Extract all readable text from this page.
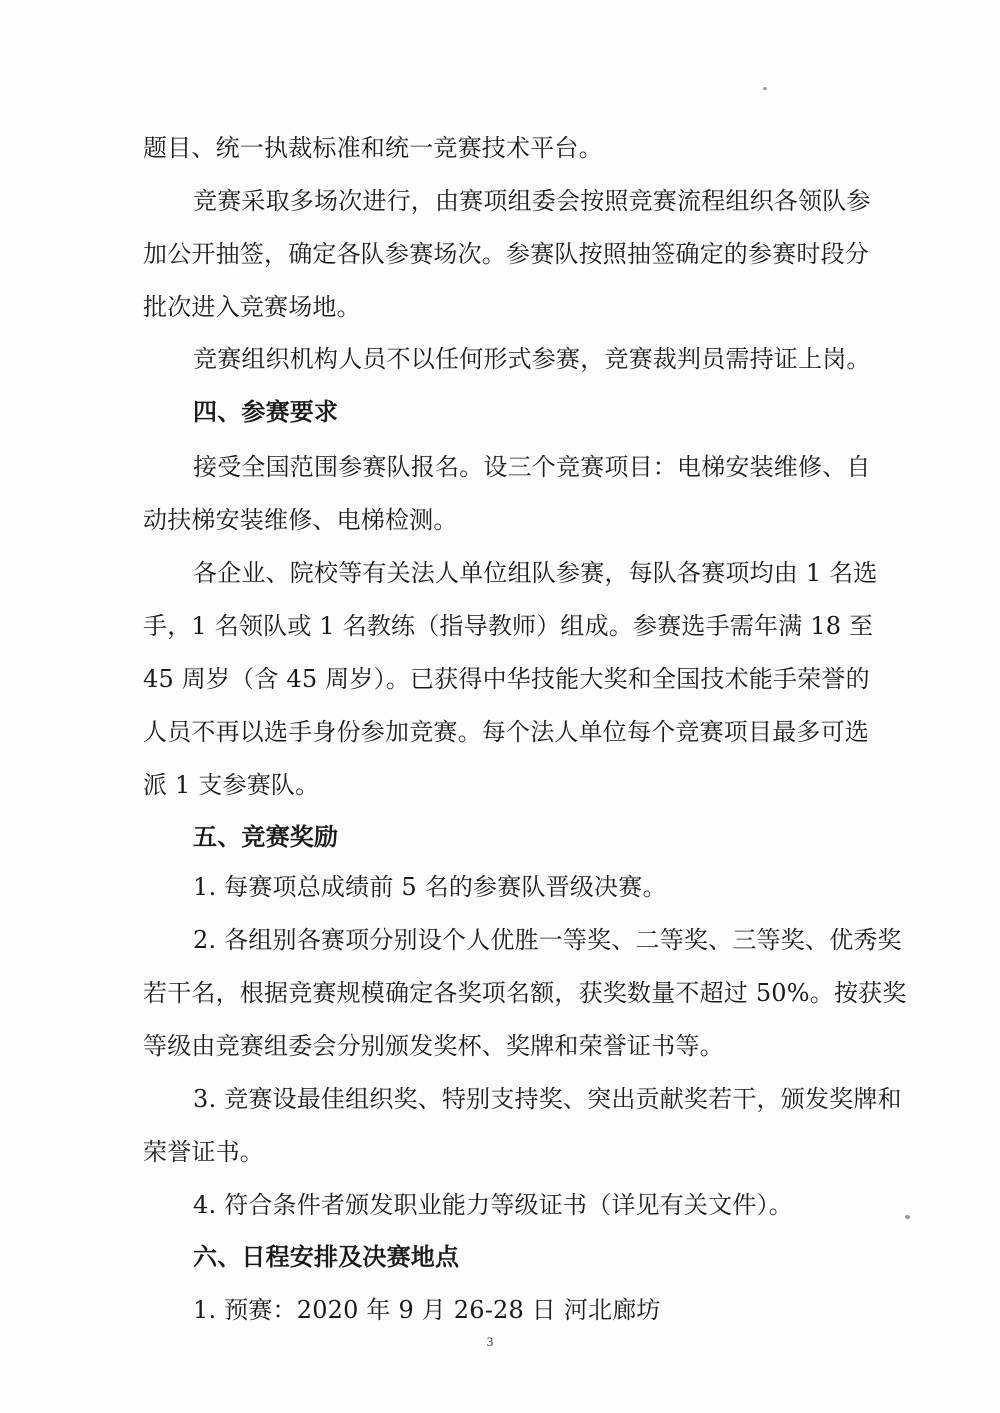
题目、统一执裁标准和统一竞赛技术平台。
竞赛采取多场次进行，由赛项组委会按照竞赛流程组织各领队参
加公开抽签，确定各队参赛场次。参赛队按照抽签确定的参赛时段分
批次进入竞赛场地。
竞赛组织机构人员不以任何形式参赛，竞赛裁判员需持证上岗。
四、参赛要求
接受全国范围参赛队报名。设三个竞赛项目：电梯安装维修、自
动扶梯安装维修、电梯检测。
各企业、院校等有关法人单位组队参赛，每队各赛项均由 1 名选
手，1 名领队或 1 名教练（指导教师）组成。参赛选手需年满 18 至
45 周岁（含 45 周岁）。已获得中华技能大奖和全国技术能手荣誉的
人员不再以选手身份参加竞赛。每个法人单位每个竞赛项目最多可选
派 1 支参赛队。
五、竞赛奖励
1. 每赛项总成绩前 5 名的参赛队晋级决赛。
2. 各组别各赛项分别设个人优胜一等奖、二等奖、三等奖、优秀奖
若干名，根据竞赛规模确定各奖项名额，获奖数量不超过 50%。按获奖
等级由竞赛组委会分别颁发奖杯、奖牌和荣誉证书等。
3. 竞赛设最佳组织奖、特别支持奖、突出贡献奖若干，颁发奖牌和
荣誉证书。
4. 符合条件者颁发职业能力等级证书（详见有关文件）。
六、日程安排及决赛地点
1. 预赛：2020 年 9 月 26-28 日 河北廊坊
3
